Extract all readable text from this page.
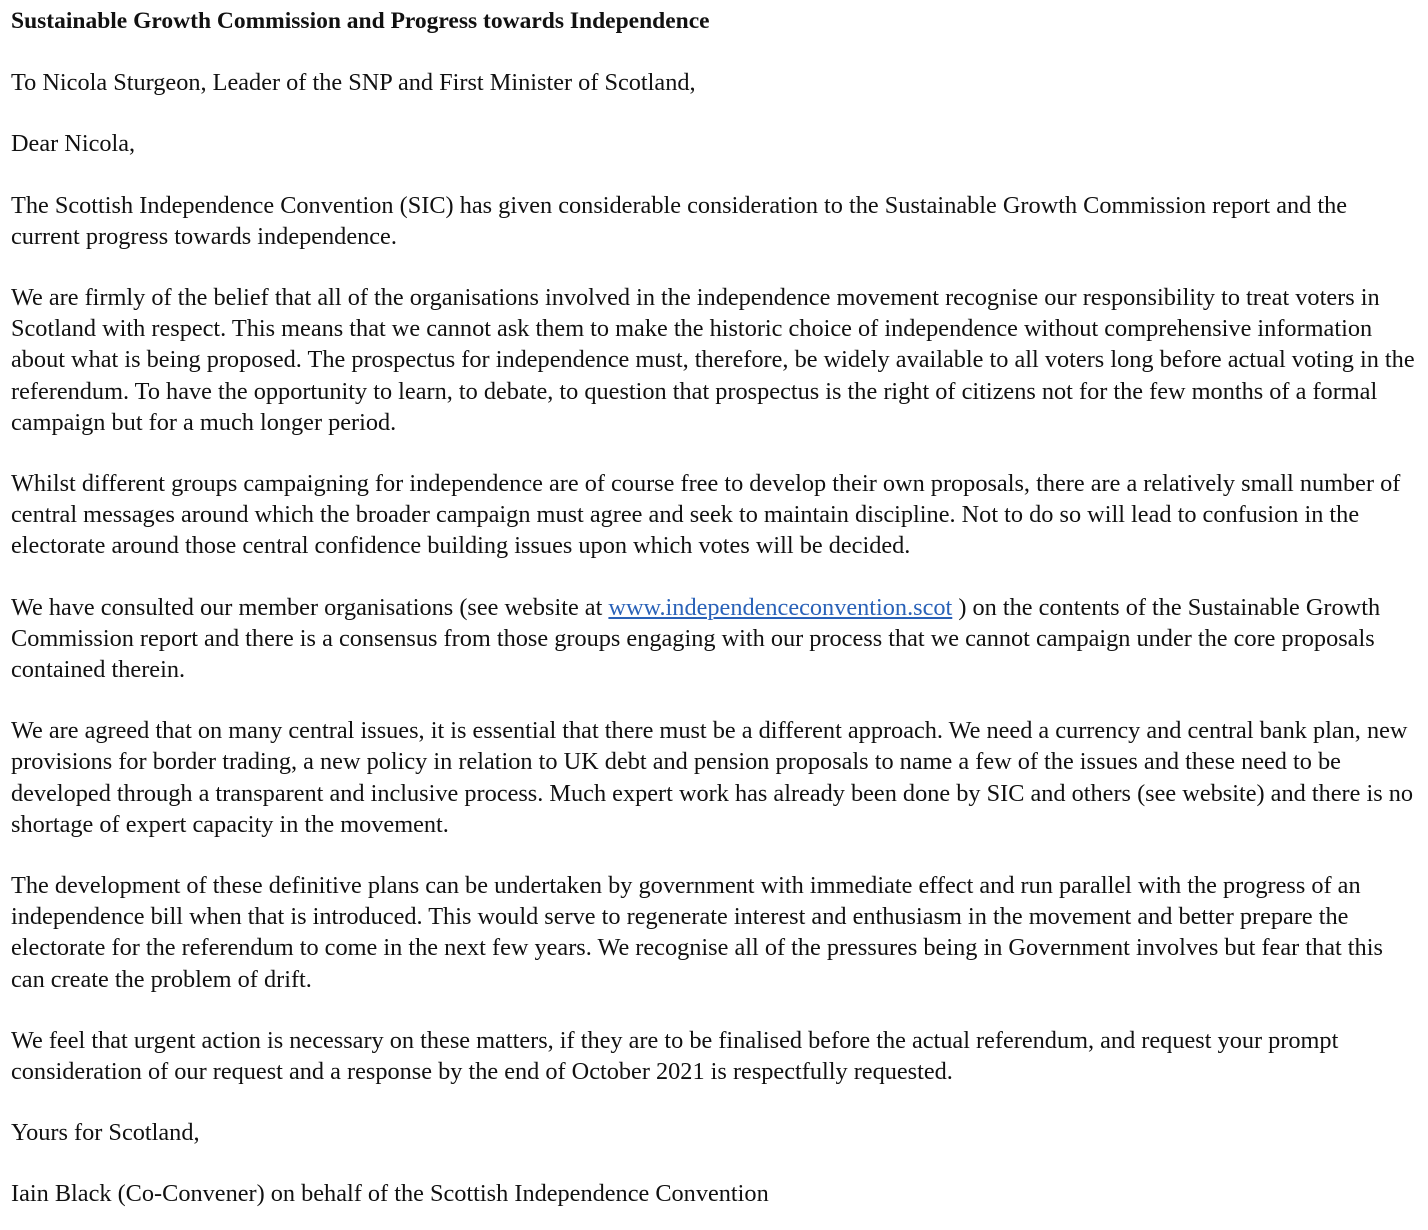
Sustainable Growth Commission and Progress towards Independence

To Nicola Sturgeon, Leader of the SNP and First Minister of Scotland,

Dear Nicola,

The Scottish Independence Convention (SIC) has given considerable consideration to the Sustainable Growth Commission report and the current progress towards independence.

We are firmly of the belief that all of the organisations involved in the independence movement recognise our responsibility to treat voters in Scotland with respect. This means that we cannot ask them to make the historic choice of independence without comprehensive information about what is being proposed. The prospectus for independence must, therefore, be widely available to all voters long before actual voting in the referendum. To have the opportunity to learn, to debate, to question that prospectus is the right of citizens not for the few months of a formal campaign but for a much longer period.

Whilst different groups campaigning for independence are of course free to develop their own proposals, there are a relatively small number of central messages around which the broader campaign must agree and seek to maintain discipline. Not to do so will lead to confusion in the electorate around those central confidence building issues upon which votes will be decided.

We have consulted our member organisations (see website at www.independenceconvention.scot ) on the contents of the Sustainable Growth Commission report and there is a consensus from those groups engaging with our process that we cannot campaign under the core proposals contained therein.

We are agreed that on many central issues, it is essential that there must be a different approach. We need a currency and central bank plan, new provisions for border trading, a new policy in relation to UK debt and pension proposals to name a few of the issues and these need to be developed through a transparent and inclusive process. Much expert work has already been done by SIC and others (see website) and there is no shortage of expert capacity in the movement.

The development of these definitive plans can be undertaken by government with immediate effect and run parallel with the progress of an independence bill when that is introduced. This would serve to regenerate interest and enthusiasm in the movement and better prepare the electorate for the referendum to come in the next few years. We recognise all of the pressures being in Government involves but fear that this can create the problem of drift.

We feel that urgent action is necessary on these matters, if they are to be finalised before the actual referendum, and request your prompt consideration of our request and a response by the end of October 2021 is respectfully requested.

Yours for Scotland,

Iain Black (Co-Convener) on behalf of the Scottish Independence Convention
